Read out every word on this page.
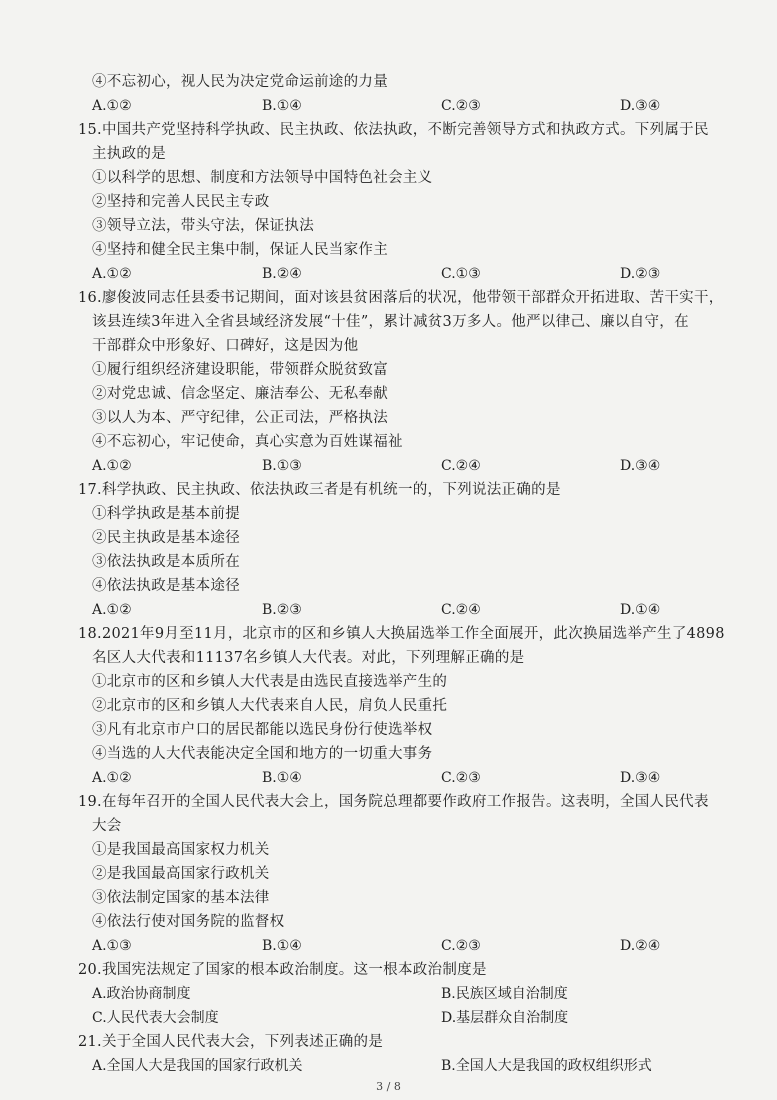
④不忘初心，视人民为决定党命运前途的力量
A.①②	B.①④	C.②③	D.③④
15.中国共产党坚持科学执政、民主执政、依法执政，不断完善领导方式和执政方式。下列属于民
主执政的是
①以科学的思想、制度和方法领导中国特色社会主义
②坚持和完善人民民主专政
③领导立法，带头守法，保证执法
④坚持和健全民主集中制，保证人民当家作主
A.①②	B.②④	C.①③	D.②③
16.廖俊波同志任县委书记期间，面对该县贫困落后的状况，他带领干部群众开拓进取、苦干实干，
该县连续3年进入全省县域经济发展“十佳”，累计减贫3万多人。他严以律己、廉以自守，在
干部群众中形象好、口碑好，这是因为他
①履行组织经济建设职能，带领群众脱贫致富
②对党忠诚、信念坚定、廉洁奉公、无私奉献
③以人为本、严守纪律，公正司法，严格执法
④不忘初心，牢记使命，真心实意为百姓谋福祉
A.①②	B.①③	C.②④	D.③④
17.科学执政、民主执政、依法执政三者是有机统一的，下列说法正确的是
①科学执政是基本前提
②民主执政是基本途径
③依法执政是本质所在
④依法执政是基本途径
A.①②	B.②③	C.②④	D.①④
18.2021年9月至11月，北京市的区和乡镇人大换届选举工作全面展开，此次换届选举产生了4898
名区人大代表和11137名乡镇人大代表。对此，下列理解正确的是
①北京市的区和乡镇人大代表是由选民直接选举产生的
②北京市的区和乡镇人大代表来自人民，肩负人民重托
③凡有北京市户口的居民都能以选民身份行使选举权
④当选的人大代表能决定全国和地方的一切重大事务
A.①②	B.①④	C.②③	D.③④
19.在每年召开的全国人民代表大会上，国务院总理都要作政府工作报告。这表明，全国人民代表
大会
①是我国最高国家权力机关
②是我国最高国家行政机关
③依法制定国家的基本法律
④依法行使对国务院的监督权
A.①③	B.①④	C.②③	D.②④
20.我国宪法规定了国家的根本政治制度。这一根本政治制度是
A.政治协商制度	B.民族区域自治制度
C.人民代表大会制度	D.基层群众自治制度
21.关于全国人民代表大会，下列表述正确的是
A.全国人大是我国的国家行政机关	B.全国人大是我国的政权组织形式
3 / 8
